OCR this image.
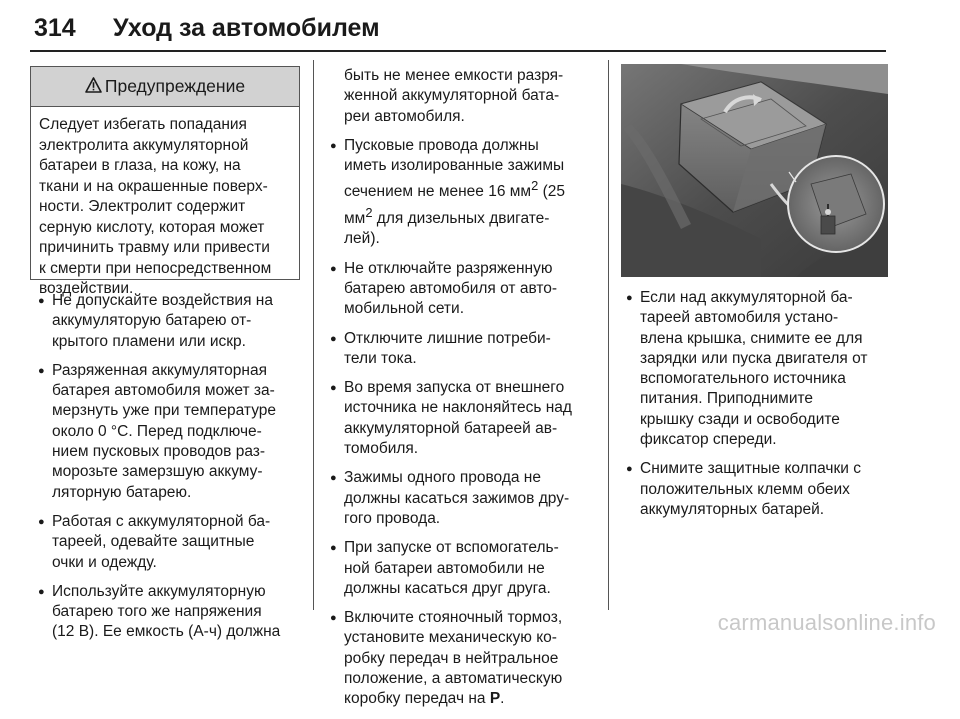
314 Уход за автомобилем
Предупреждение
Следует избегать попадания
электролита аккумуляторной
батареи в глаза, на кожу, на
ткани и на окрашенные поверх-
ности. Электролит содержит
серную кислоту, которая может
причинить травму или привести
к смерти при непосредственном
воздействии.
● Не допускайте воздействия на
аккумуляторую батарею от-
крытого пламени или искр.
● Разряженная аккумуляторная
батарея автомобиля может за-
мерзнуть уже при температуре
около 0 °C. Перед подключе-
нием пусковых проводов раз-
морозьте замерзшую аккуму-
ляторную батарею.
● Работая с аккумуляторной ба-
тареей, одевайте защитные
очки и одежду.
● Используйте аккумуляторную
батарею того же напряжения
(12 В). Ее емкость (А-ч) должна
быть не менее емкости разря-
женной аккумуляторной бата-
реи автомобиля.
● Пусковые провода должны
иметь изолированные зажимы
сечением не менее 16 $мм^2$ (25
$мм^2$ для дизельных двигате-
лей).
● Не отключайте разряженную
батарею автомобиля от авто-
мобильной сети.
● Отключите лишние потреби-
тели тока.
● Во время запуска от внешнего
источника не наклоняйтесь над
аккумуляторной батареей ав-
томобиля.
● Зажимы одного провода не
должны касаться зажимов дру-
гого провода.
● При запуске от вспомогатель-
ной батареи автомобили не
должны касаться друг друга.
● Включите стояночный тормоз,
установите механическую ко-
робку передач в нейтральное
положение, а автоматическую
коробку передач на P.
● Если над аккумуляторной ба-
тареей автомобиля устано-
влена крышка, снимите ее для
зарядки или пуска двигателя от
вспомогательного источника
питания. Приподнимите
крышку сзади и освободите
фиксатор спереди.
● Снимите защитные колпачки с
положительных клемм обеих
аккумуляторных батарей.
carmanualsonline.info
